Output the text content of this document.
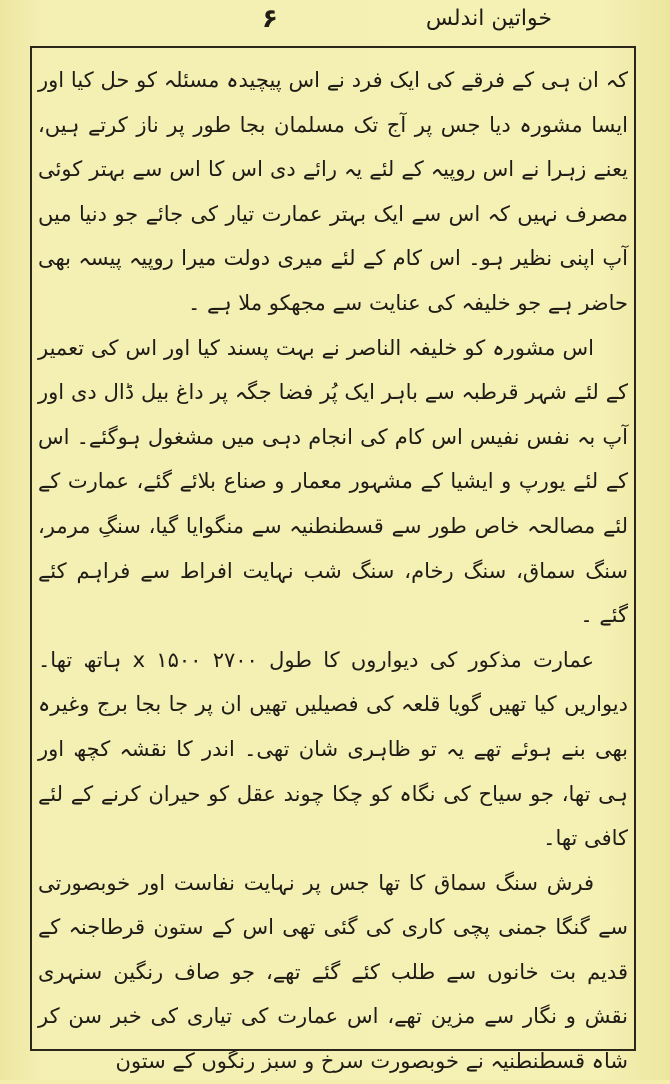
خواتین اندلس
۶

کہ ان ہی کے فرقے کی ایک فرد نے اس پیچیدہ مسئلہ کو حل کیا اور ایسا مشورہ دیا جس پر آج تک مسلمان بجا طور پر ناز کرتے ہیں، یعنے زہرا نے اس روپیہ کے لئے یہ رائے دی اس کا اس سے بہتر کوئی مصرف نہیں کہ اس سے ایک بہتر عمارت تیار کی جائے جو دنیا میں آپ اپنی نظیر ہو۔ اس کام کے لئے میری دولت میرا روپیہ پیسہ بھی حاضر ہے جو خلیفہ کی عنایت سے مجھکو ملا ہے ۔

اس مشورہ کو خلیفہ الناصر نے بہت پسند کیا اور اس کی تعمیر کے لئے شہر قرطبہ سے باہر ایک پُر فضا جگہ پر داغ بیل ڈال دی اور آپ بہ نفس نفیس اس کام کی انجام دہی میں مشغول ہوگئے۔ اس کے لئے یورپ و ایشیا کے مشہور معمار و صناع بلائے گئے، عمارت کے لئے مصالحہ خاص طور سے قسطنطنیہ سے منگوایا گیا، سنگِ مرمر، سنگ سماق، سنگ رخام، سنگ شب نہایت افراط سے فراہم کئے گئے ۔

عمارت مذکور کی دیواروں کا طول ۲۷۰۰ x ۱۵۰۰ ہاتھ تھا۔ دیواریں کیا تھیں گویا قلعہ کی فصیلیں تھیں ان پر جا بجا برج وغیرہ بھی بنے ہوئے تھے یہ تو ظاہری شان تھی۔ اندر کا نقشہ کچھ اور ہی تھا، جو سیاح کی نگاہ کو چکا چوند عقل کو حیران کرنے کے لئے کافی تھا۔

فرش سنگ سماق کا تھا جس پر نہایت نفاست اور خوبصورتی سے گنگا جمنی پچی کاری کی گئی تھی اس کے ستون قرطاجنہ کے قدیم بت خانوں سے طلب کئے گئے تھے، جو صاف رنگین سنہری نقش و نگار سے مزین تھے، اس عمارت کی تیاری کی خبر سن کر شاہ قسطنطنیہ نے خوبصورت سرخ و سبز رنگوں کے ستون
